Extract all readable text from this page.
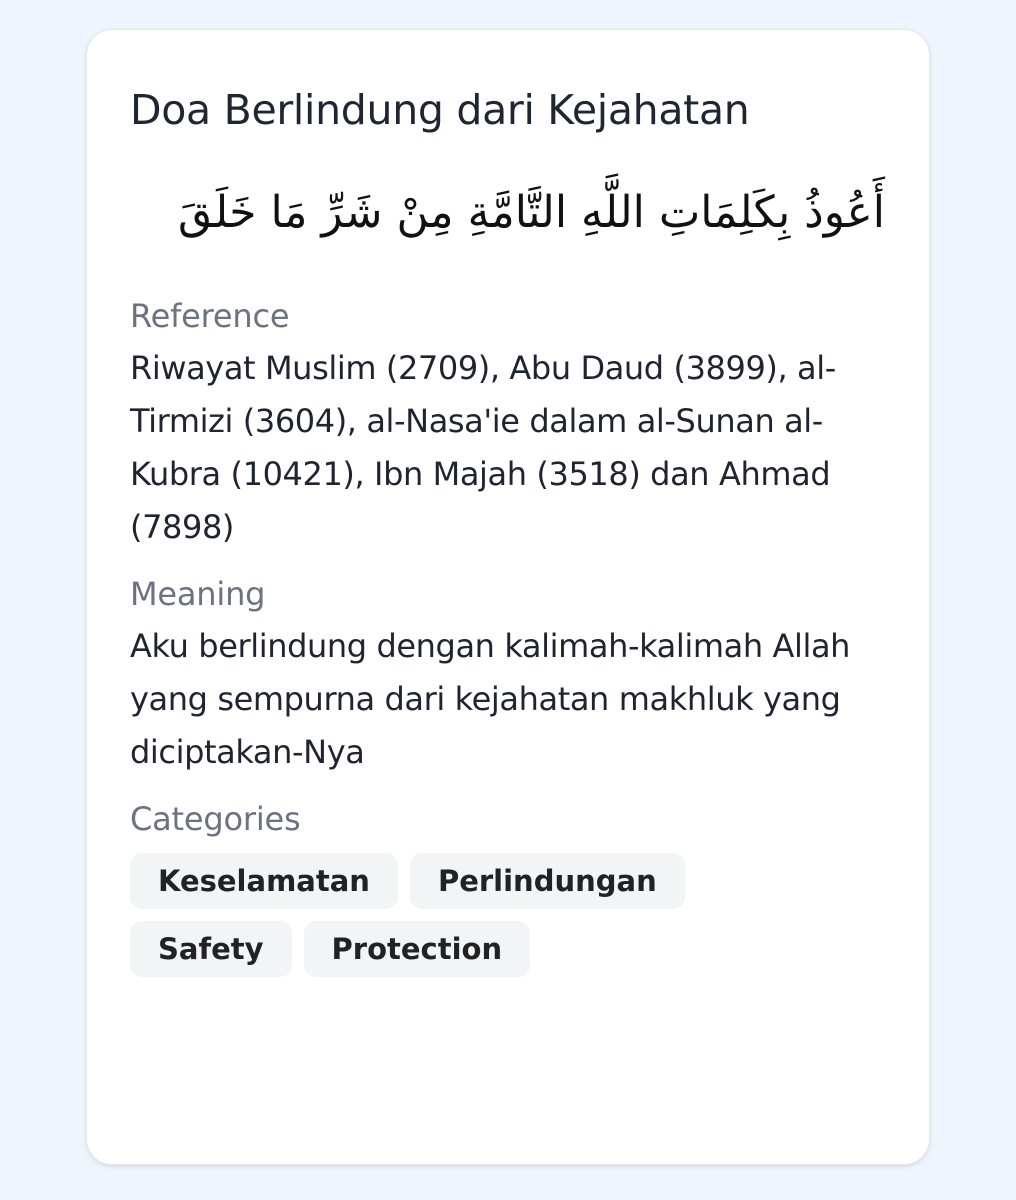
Doa Berlindung dari Kejahatan
أَعُوذُ بِكَلِمَاتِ اللَّهِ التَّامَّةِ مِنْ شَرِّ مَا خَلَقَ
Reference
Riwayat Muslim (2709), Abu Daud (3899), al-Tirmizi (3604), al-Nasa'ie dalam al-Sunan al-Kubra (10421), Ibn Majah (3518) dan Ahmad (7898)
Meaning
Aku berlindung dengan kalimah-kalimah Allah yang sempurna dari kejahatan makhluk yang diciptakan-Nya
Categories
Keselamatan	Perlindungan
Safety	Protection
